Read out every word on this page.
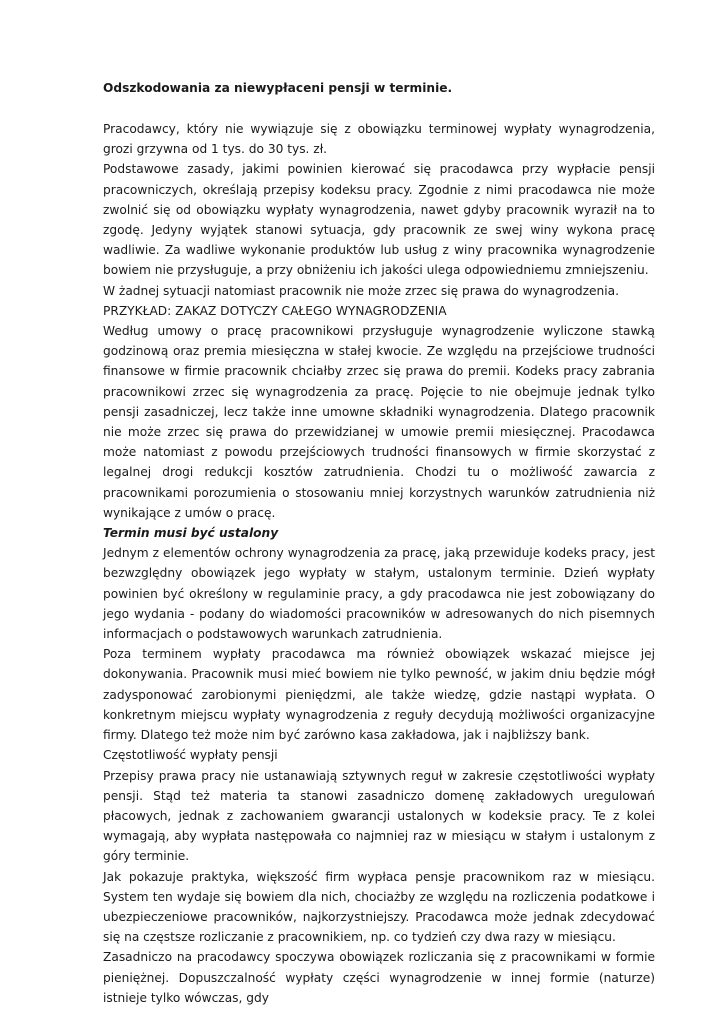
Odszkodowania za niewypłaceni pensji w terminie.

Pracodawcy, który nie wywiązuje się z obowiązku terminowej wypłaty wynagrodzenia, grozi grzywna od 1 tys. do 30 tys. zł.

Podstawowe zasady, jakimi powinien kierować się pracodawca przy wypłacie pensji pracowniczych, określają przepisy kodeksu pracy. Zgodnie z nimi pracodawca nie może zwolnić się od obowiązku wypłaty wynagrodzenia, nawet gdyby pracownik wyraził na to zgodę. Jedyny wyjątek stanowi sytuacja, gdy pracownik ze swej winy wykona pracę wadliwie. Za wadliwe wykonanie produktów lub usług z winy pracownika wynagrodzenie bowiem nie przysługuje, a przy obniżeniu ich jakości ulega odpowiedniemu zmniejszeniu.

W żadnej sytuacji natomiast pracownik nie może zrzec się prawa do wynagrodzenia.

PRZYKŁAD: ZAKAZ DOTYCZY CAŁEGO WYNAGRODZENIA

Według umowy o pracę pracownikowi przysługuje wynagrodzenie wyliczone stawką godzinową oraz premia miesięczna w stałej kwocie. Ze względu na przejściowe trudności finansowe w firmie pracownik chciałby zrzec się prawa do premii. Kodeks pracy zabrania pracownikowi zrzec się wynagrodzenia za pracę. Pojęcie to nie obejmuje jednak tylko pensji zasadniczej, lecz także inne umowne składniki wynagrodzenia. Dlatego pracownik nie może zrzec się prawa do przewidzianej w umowie premii miesięcznej. Pracodawca może natomiast z powodu przejściowych trudności finansowych w firmie skorzystać z legalnej drogi redukcji kosztów zatrudnienia. Chodzi tu o możliwość zawarcia z pracownikami porozumienia o stosowaniu mniej korzystnych warunków zatrudnienia niż wynikające z umów o pracę.

Termin musi być ustalony

Jednym z elementów ochrony wynagrodzenia za pracę, jaką przewiduje kodeks pracy, jest bezwzględny obowiązek jego wypłaty w stałym, ustalonym terminie. Dzień wypłaty powinien być określony w regulaminie pracy, a gdy pracodawca nie jest zobowiązany do jego wydania - podany do wiadomości pracowników w adresowanych do nich pisemnych informacjach o podstawowych warunkach zatrudnienia.

Poza terminem wypłaty pracodawca ma również obowiązek wskazać miejsce jej dokonywania. Pracownik musi mieć bowiem nie tylko pewność, w jakim dniu będzie mógł zadysponować zarobionymi pieniędzmi, ale także wiedzę, gdzie nastąpi wypłata. O konkretnym miejscu wypłaty wynagrodzenia z reguły decydują możliwości organizacyjne firmy. Dlatego też może nim być zarówno kasa zakładowa, jak i najbliższy bank.

Częstotliwość wypłaty pensji

Przepisy prawa pracy nie ustanawiają sztywnych reguł w zakresie częstotliwości wypłaty pensji. Stąd też materia ta stanowi zasadniczo domenę zakładowych uregulowań płacowych, jednak z zachowaniem gwarancji ustalonych w kodeksie pracy. Te z kolei wymagają, aby wypłata następowała co najmniej raz w miesiącu w stałym i ustalonym z góry terminie.

Jak pokazuje praktyka, większość firm wypłaca pensje pracownikom raz w miesiącu. System ten wydaje się bowiem dla nich, chociażby ze względu na rozliczenia podatkowe i ubezpieczeniowe pracowników, najkorzystniejszy. Pracodawca może jednak zdecydować się na częstsze rozliczanie z pracownikiem, np. co tydzień czy dwa razy w miesiącu.

Zasadniczo na pracodawcy spoczywa obowiązek rozliczania się z pracownikami w formie pieniężnej. Dopuszczalność wypłaty części wynagrodzenie w innej formie (naturze) istnieje tylko wówczas, gdy
